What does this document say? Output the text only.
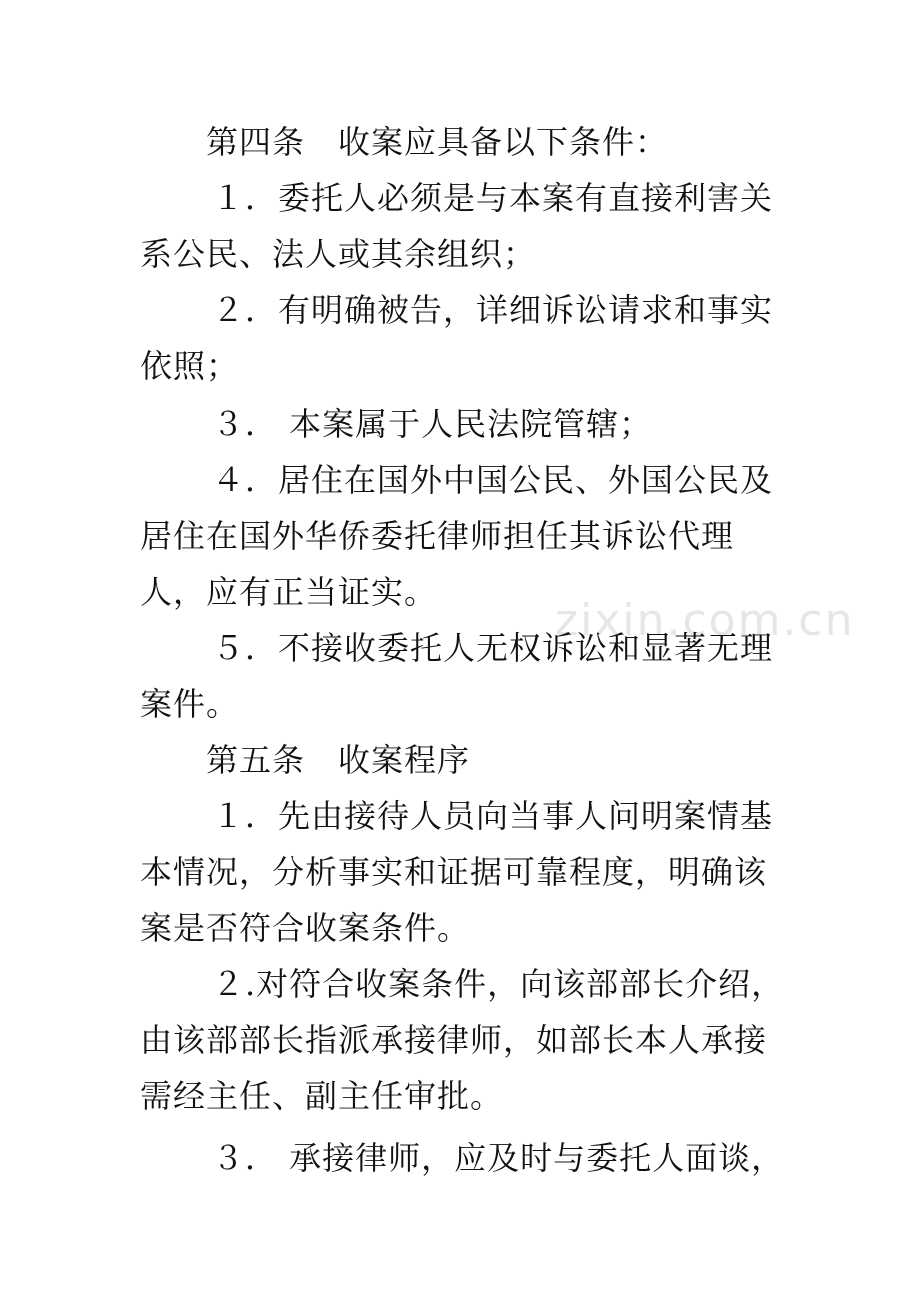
zixin.com.cn
第四条　收案应具备以下条件：
１．委托人必须是与本案有直接利害关
系公民、法人或其余组织；
２．有明确被告，详细诉讼请求和事实
依照；
３． 本案属于人民法院管辖；
４．居住在国外中国公民、外国公民及
居住在国外华侨委托律师担任其诉讼代理
人，应有正当证实。
５．不接收委托人无权诉讼和显著无理
案件。
第五条　收案程序
１．先由接待人员向当事人问明案情基
本情况，分析事实和证据可靠程度，明确该
案是否符合收案条件。
２.对符合收案条件，向该部部长介绍，
由该部部长指派承接律师，如部长本人承接
需经主任、副主任审批。
３． 承接律师，应及时与委托人面谈，
